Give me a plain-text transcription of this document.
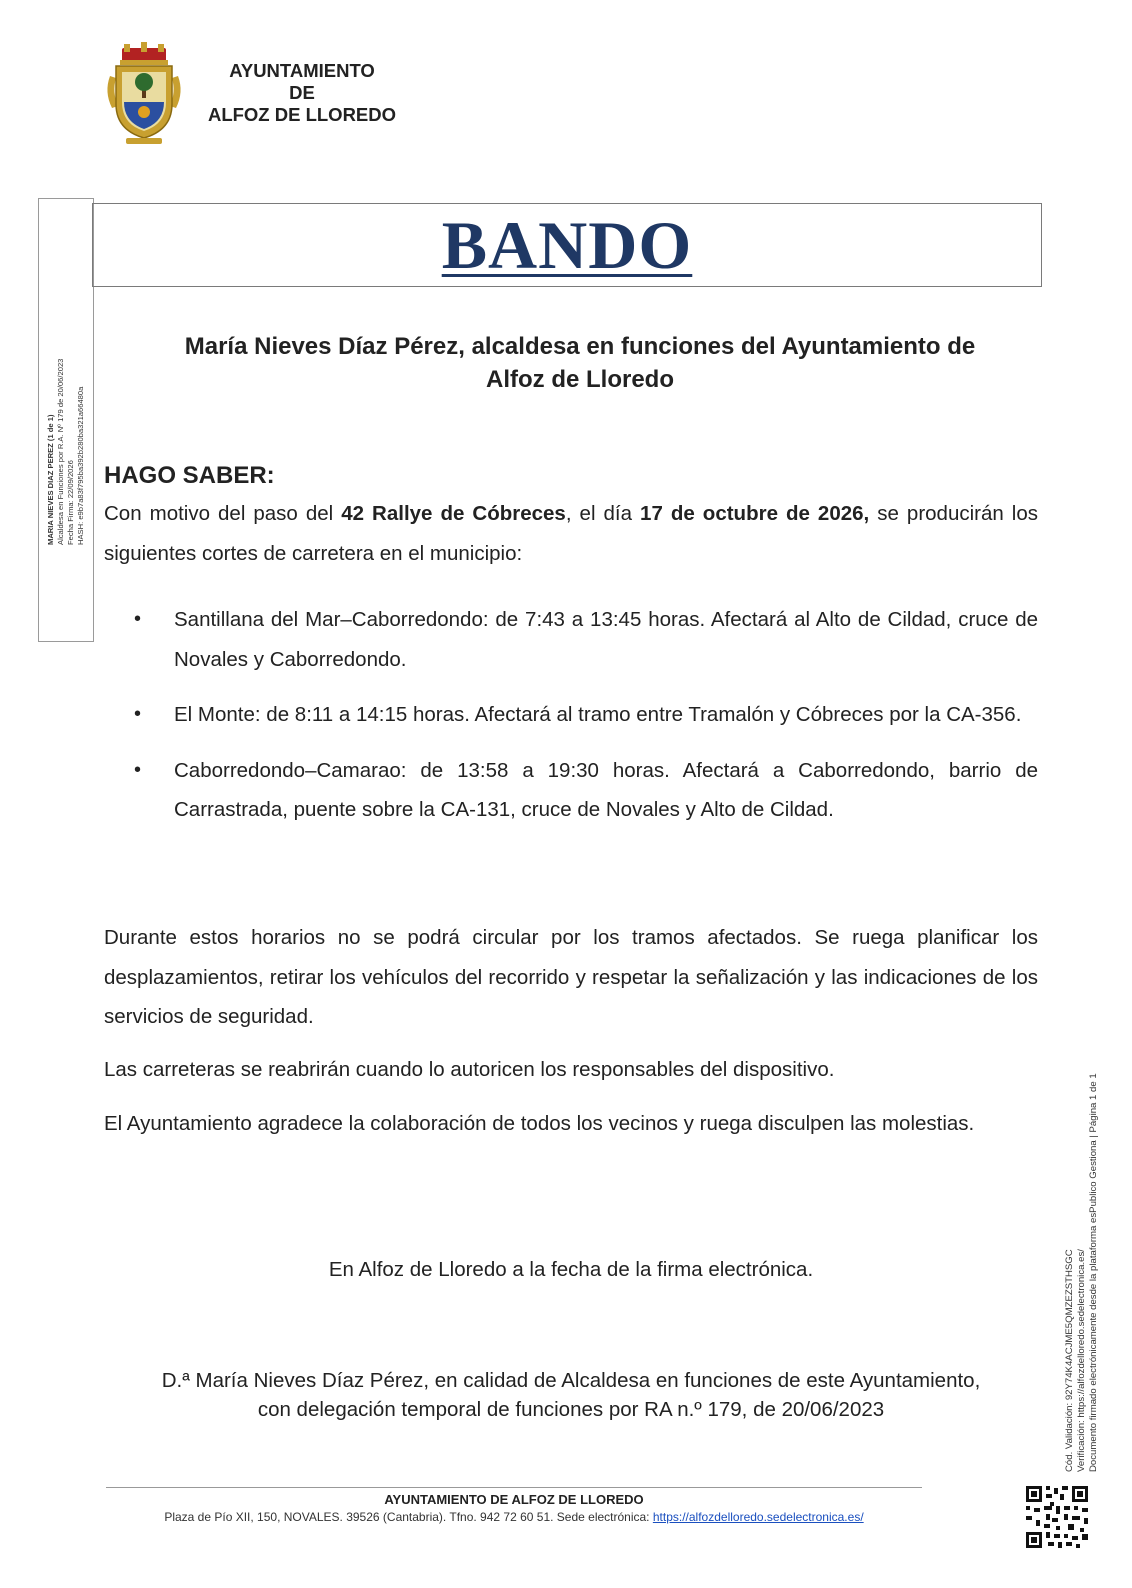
AYUNTAMIENTO
DE
ALFOZ DE LLOREDO
MARIA NIEVES DIAZ PEREZ (1 de 1) Alcaldesa en Funciones por R.A. Nº 179 de 20/06/2023 Fecha Firma: 22/09/2026 HASH: e9b7a83f795ba392b280ba321a66480a
BANDO
María Nieves Díaz Pérez, alcaldesa en funciones del Ayuntamiento de
Alfoz de Lloredo
HAGO SABER:
Con motivo del paso del 42 Rallye de Cóbreces, el día 17 de octubre de 2026, se producirán los siguientes cortes de carretera en el municipio:
• Santillana del Mar–Caborredondo: de 7:43 a 13:45 horas. Afectará al Alto de Cildad, cruce de Novales y Caborredondo.
• El Monte: de 8:11 a 14:15 horas. Afectará al tramo entre Tramalón y Cóbreces por la CA-356.
• Caborredondo–Camarao: de 13:58 a 19:30 horas. Afectará a Caborredondo, barrio de Carrastrada, puente sobre la CA-131, cruce de Novales y Alto de Cildad.
Durante estos horarios no se podrá circular por los tramos afectados. Se ruega planificar los desplazamientos, retirar los vehículos del recorrido y respetar la señalización y las indicaciones de los servicios de seguridad.
Las carreteras se reabrirán cuando lo autoricen los responsables del dispositivo.
El Ayuntamiento agradece la colaboración de todos los vecinos y ruega disculpen las molestias.
En Alfoz de Lloredo a la fecha de la firma electrónica.
D.ª María Nieves Díaz Pérez, en calidad de Alcaldesa en funciones de este Ayuntamiento,
con delegación temporal de funciones por RA n.º 179, de 20/06/2023	Cód. Validación: 92Y74K4ACJME5QMZEZSTHSGC Verificación: https://alfozdelloredo.sedelectronica.es/ Documento firmado electrónicamente desde la plataforma esPublico Gestiona | Página 1 de 1
AYUNTAMIENTO DE ALFOZ DE LLOREDO
Plaza de Pío XII, 150, NOVALES. 39526 (Cantabria). Tfno. 942 72 60 51. Sede electrónica: https://alfozdelloredo.sedelectronica.es/
